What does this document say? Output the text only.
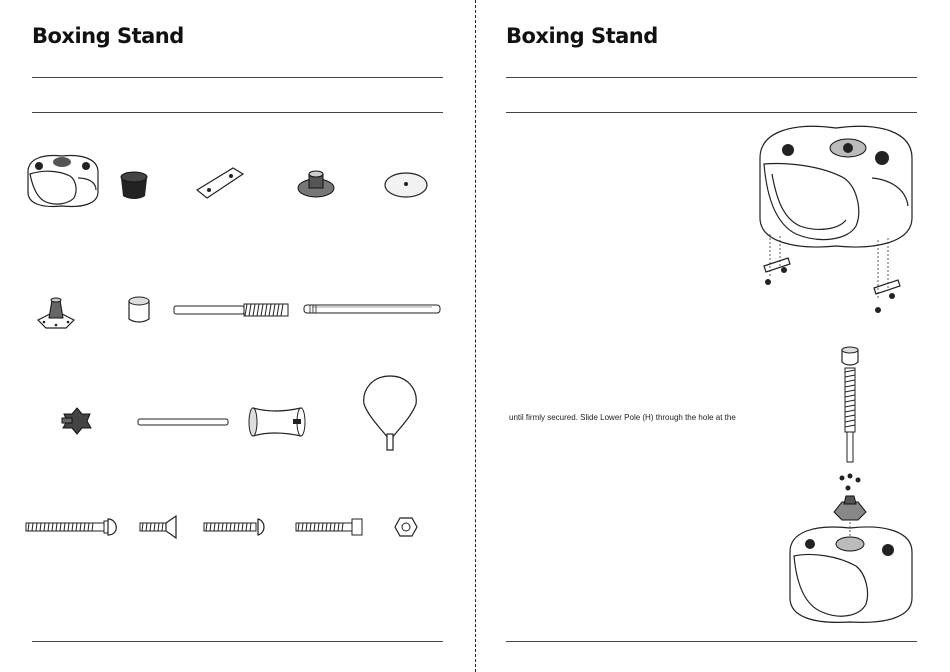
Boxing Stand	Boxing Stand
until firmly secured. Slide Lower Pole (H) through the hole at the
